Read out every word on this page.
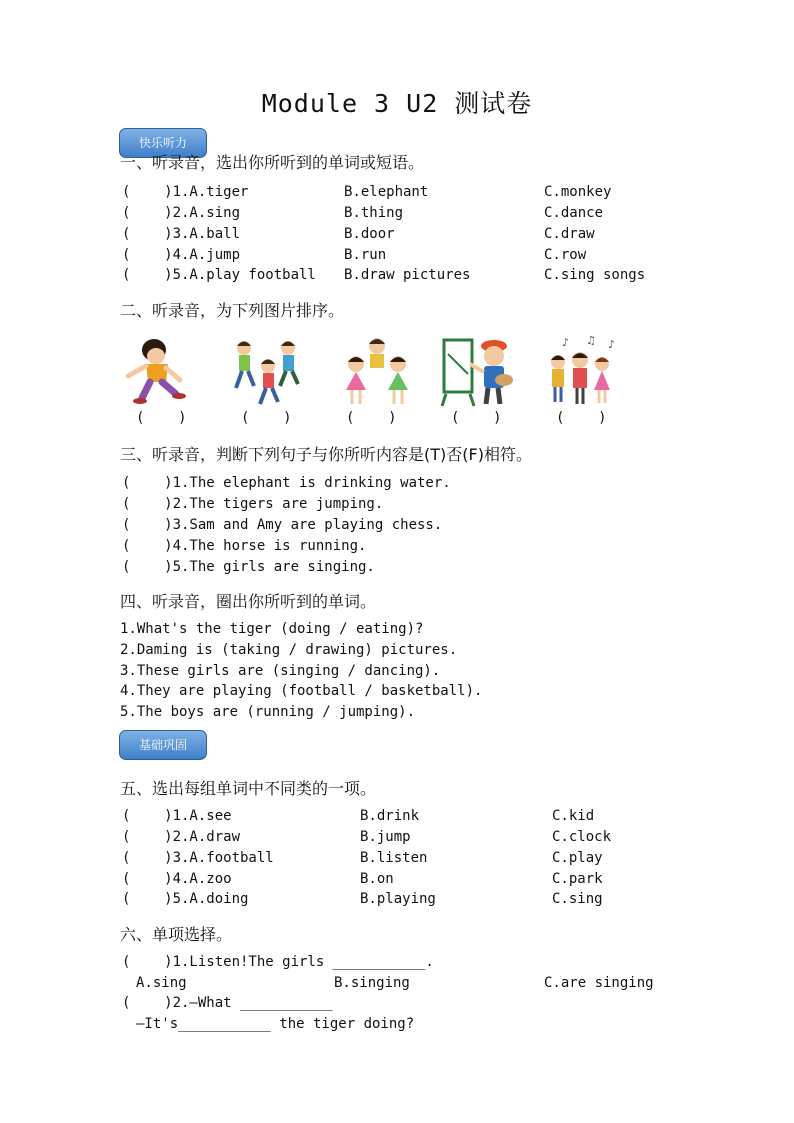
Module 3 U2 测试卷
快乐听力
一、听录音，选出你所听到的单词或短语。
(    )1.A.tiger	B.elephant	C.monkey
(    )2.A.sing	B.thing	C.dance
(    )3.A.ball	B.door	C.draw
(    )4.A.jump	B.run	C.row
(    )5.A.play football B.draw pictures	C.sing songs
二、听录音，为下列图片排序。
♪ ♫ ♪
(    )	(    )	(    )	(    )	(    )
三、听录音，判断下列句子与你所听内容是(T)否(F)相符。
(    )1.The elephant is drinking water.
(    )2.The tigers are jumping.
(    )3.Sam and Amy are playing chess.
(    )4.The horse is running.
(    )5.The girls are singing.
四、听录音，圈出你所听到的单词。
1.What's the tiger (doing / eating)?
2.Daming is (taking / drawing) pictures.
3.These girls are (singing / dancing).
4.They are playing (football / basketball).
5.The boys are (running / jumping).
基础巩固
五、选出每组单词中不同类的一项。
(    )1.A.see	B.drink	C.kid
(    )2.A.draw	B.jump	C.clock
(    )3.A.football	B.listen	C.play
(    )4.A.zoo	B.on	C.park
(    )5.A.doing	B.playing	C.sing
六、单项选择。
(    )1.Listen!The girls ___________.
A.sing	B.singing	C.are singing
(    )2.—What ___________
—It's___________ the tiger doing?
